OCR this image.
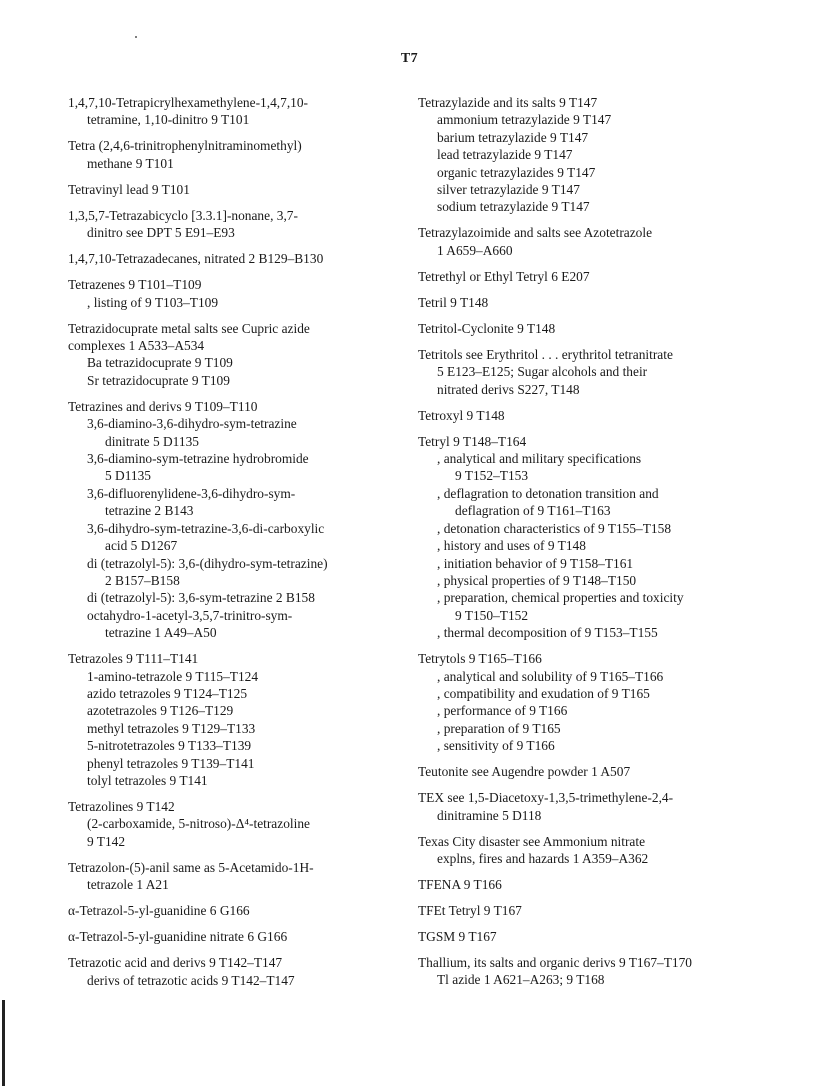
T7
1,4,7,10-Tetrapicrylhexamethylene-1,4,7,10-
tetramine, 1,10-dinitro 9 T101
Tetra (2,4,6-trinitrophenylnitraminomethyl)
methane 9 T101
Tetravinyl lead 9 T101
1,3,5,7-Tetrazabicyclo [3.3.1]-nonane, 3,7-
dinitro see DPT 5 E91–E93
1,4,7,10-Tetrazadecanes, nitrated 2 B129–B130
Tetrazenes 9 T101–T109
, listing of 9 T103–T109
Tetrazidocuprate metal salts see Cupric azide
complexes 1 A533–A534
Ba tetrazidocuprate 9 T109
Sr tetrazidocuprate 9 T109
Tetrazines and derivs 9 T109–T110
3,6-diamino-3,6-dihydro-sym-tetrazine
dinitrate 5 D1135
3,6-diamino-sym-tetrazine hydrobromide
5 D1135
3,6-difluorenylidene-3,6-dihydro-sym-
tetrazine 2 B143
3,6-dihydro-sym-tetrazine-3,6-di-carboxylic
acid 5 D1267
di (tetrazolyl-5): 3,6-(dihydro-sym-tetrazine)
2 B157–B158
di (tetrazolyl-5): 3,6-sym-tetrazine 2 B158
octahydro-1-acetyl-3,5,7-trinitro-sym-
tetrazine 1 A49–A50
Tetrazoles 9 T111–T141
1-amino-tetrazole 9 T115–T124
azido tetrazoles 9 T124–T125
azotetrazoles 9 T126–T129
methyl tetrazoles 9 T129–T133
5-nitrotetrazoles 9 T133–T139
phenyl tetrazoles 9 T139–T141
tolyl tetrazoles 9 T141
Tetrazolines 9 T142
(2-carboxamide, 5-nitroso)-Δ⁴-tetrazoline
9 T142
Tetrazolon-(5)-anil same as 5-Acetamido-1H-
tetrazole 1 A21
α-Tetrazol-5-yl-guanidine 6 G166
α-Tetrazol-5-yl-guanidine nitrate 6 G166
Tetrazotic acid and derivs 9 T142–T147
derivs of tetrazotic acids 9 T142–T147
Tetrazylazide and its salts 9 T147
ammonium tetrazylazide 9 T147
barium tetrazylazide 9 T147
lead tetrazylazide 9 T147
organic tetrazylazides 9 T147
silver tetrazylazide 9 T147
sodium tetrazylazide 9 T147
Tetrazylazoimide and salts see Azotetrazole
1 A659–A660
Tetrethyl or Ethyl Tetryl 6 E207
Tetril 9 T148
Tetritol-Cyclonite 9 T148
Tetritols see Erythritol . . . erythritol tetranitrate
5 E123–E125; Sugar alcohols and their
nitrated derivs S227, T148
Tetroxyl 9 T148
Tetryl 9 T148–T164
, analytical and military specifications
9 T152–T153
, deflagration to detonation transition and
deflagration of 9 T161–T163
, detonation characteristics of 9 T155–T158
, history and uses of 9 T148
, initiation behavior of 9 T158–T161
, physical properties of 9 T148–T150
, preparation, chemical properties and toxicity
9 T150–T152
, thermal decomposition of 9 T153–T155
Tetrytols 9 T165–T166
, analytical and solubility of 9 T165–T166
, compatibility and exudation of 9 T165
, performance of 9 T166
, preparation of 9 T165
, sensitivity of 9 T166
Teutonite see Augendre powder 1 A507
TEX see 1,5-Diacetoxy-1,3,5-trimethylene-2,4-
dinitramine 5 D118
Texas City disaster see Ammonium nitrate
explns, fires and hazards 1 A359–A362
TFENA 9 T166
TFEt Tetryl 9 T167
TGSM 9 T167
Thallium, its salts and organic derivs 9 T167–T170
Tl azide 1 A621–A263; 9 T168
